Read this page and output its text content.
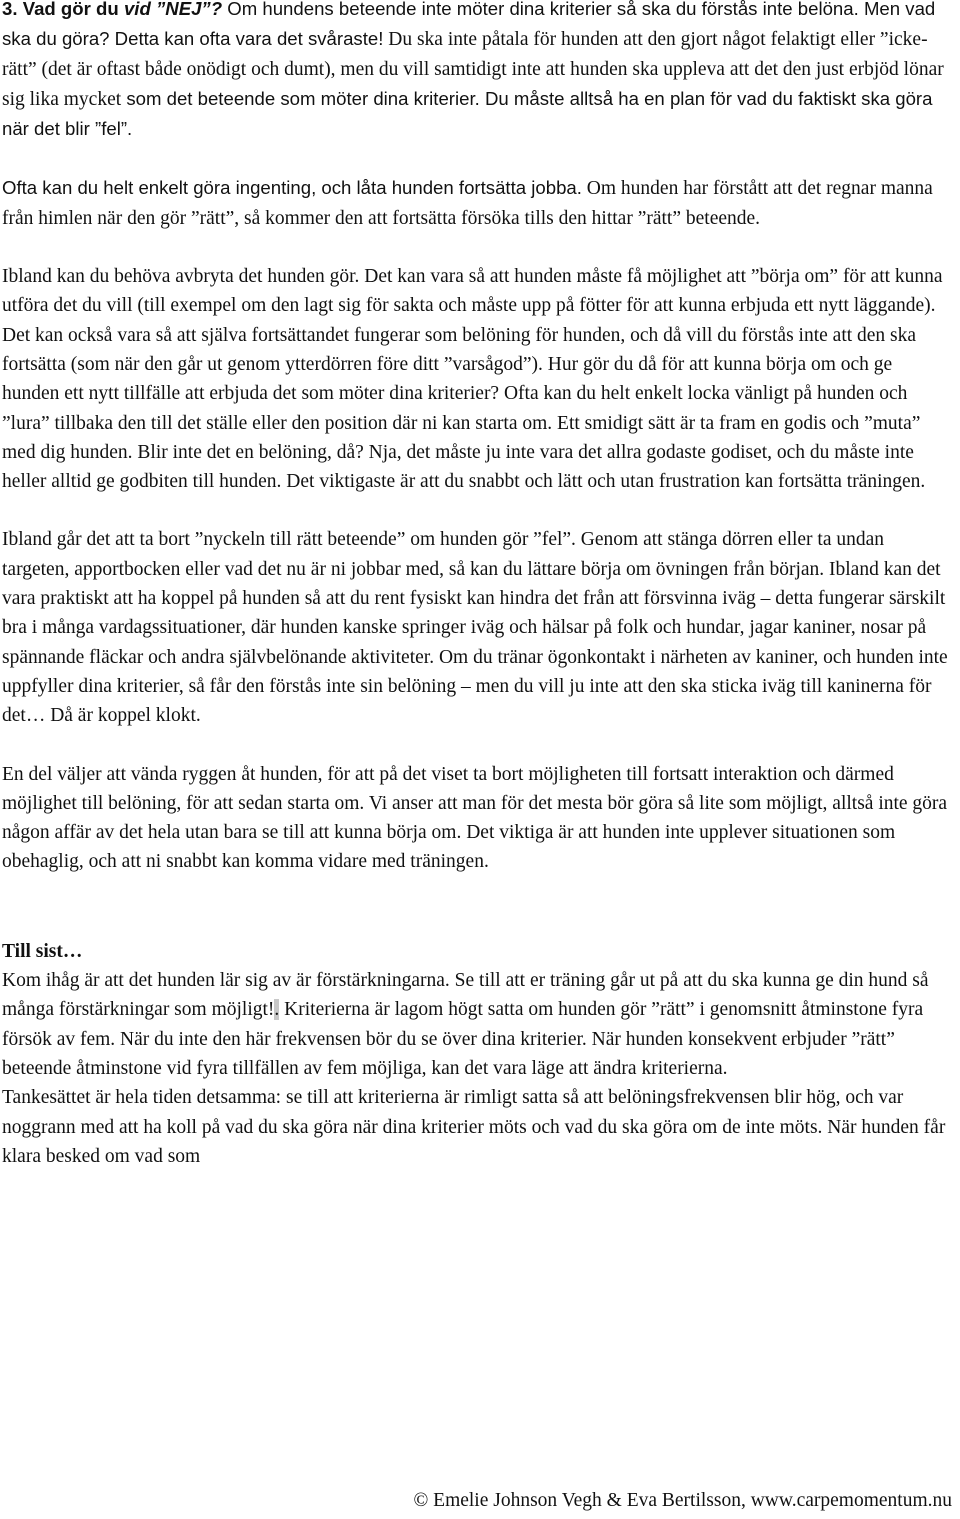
3. Vad gör du vid ”NEJ”? Om hundens beteende inte möter dina kriterier så ska du förstås inte belöna. Men vad ska du göra? Detta kan ofta vara det svåraste! Du ska inte påtala för hunden att den gjort något felaktigt eller ”icke-rätt” (det är oftast både onödigt och dumt), men du vill samtidigt inte att hunden ska uppleva att det den just erbjöd lönar sig lika mycket som det beteende som möter dina kriterier. Du måste alltså ha en plan för vad du faktiskt ska göra när det blir ”fel”.

Ofta kan du helt enkelt göra ingenting, och låta hunden fortsätta jobba. Om hunden har förstått att det regnar manna från himlen när den gör ”rätt”, så kommer den att fortsätta försöka tills den hittar ”rätt” beteende.

Ibland kan du behöva avbryta det hunden gör. Det kan vara så att hunden måste få möjlighet att ”börja om” för att kunna utföra det du vill (till exempel om den lagt sig för sakta och måste upp på fötter för att kunna erbjuda ett nytt läggande). Det kan också vara så att själva fortsättandet fungerar som belöning för hunden, och då vill du förstås inte att den ska fortsätta (som när den går ut genom ytterdörren före ditt ”varsågod”). Hur gör du då för att kunna börja om och ge hunden ett nytt tillfälle att erbjuda det som möter dina kriterier? Ofta kan du helt enkelt locka vänligt på hunden och ”lura” tillbaka den till det ställe eller den position där ni kan starta om. Ett smidigt sätt är ta fram en godis och ”muta” med dig hunden. Blir inte det en belöning, då? Nja, det måste ju inte vara det allra godaste godiset, och du måste inte heller alltid ge godbiten till hunden. Det viktigaste är att du snabbt och lätt och utan frustration kan fortsätta träningen.

Ibland går det att ta bort ”nyckeln till rätt beteende” om hunden gör ”fel”. Genom att stänga dörren eller ta undan targeten, apportbocken eller vad det nu är ni jobbar med, så kan du lättare börja om övningen från början. Ibland kan det vara praktiskt att ha koppel på hunden så att du rent fysiskt kan hindra det från att försvinna iväg – detta fungerar särskilt bra i många vardagssituationer, där hunden kanske springer iväg och hälsar på folk och hundar, jagar kaniner, nosar på spännande fläckar och andra självbelönande aktiviteter. Om du tränar ögonkontakt i närheten av kaniner, och hunden inte uppfyller dina kriterier, så får den förstås inte sin belöning – men du vill ju inte att den ska sticka iväg till kaninerna för det… Då är koppel klokt.

En del väljer att vända ryggen åt hunden, för att på det viset ta bort möjligheten till fortsatt interaktion och därmed möjlighet till belöning, för att sedan starta om. Vi anser att man för det mesta bör göra så lite som möjligt, alltså inte göra någon affär av det hela utan bara se till att kunna börja om. Det viktiga är att hunden inte upplever situationen som obehaglig, och att ni snabbt kan komma vidare med träningen.

Till sist…

Kom ihåg är att det hunden lär sig av är förstärkningarna. Se till att er träning går ut på att du ska kunna ge din hund så många förstärkningar som möjligt!. Kriterierna är lagom högt satta om hunden gör ”rätt” i genomsnitt åtminstone fyra försök av fem. När du inte den här frekvensen bör du se över dina kriterier. När hunden konsekvent erbjuder ”rätt” beteende åtminstone vid fyra tillfällen av fem möjliga, kan det vara läge att ändra kriterierna.

Tankesättet är hela tiden detsamma: se till att kriterierna är rimligt satta så att belöningsfrekvensen blir hög, och var noggrann med att ha koll på vad du ska göra när dina kriterier möts och vad du ska göra om de inte möts. När hunden får klara besked om vad som

© Emelie Johnson Vegh & Eva Bertilsson, www.carpemomentum.nu
